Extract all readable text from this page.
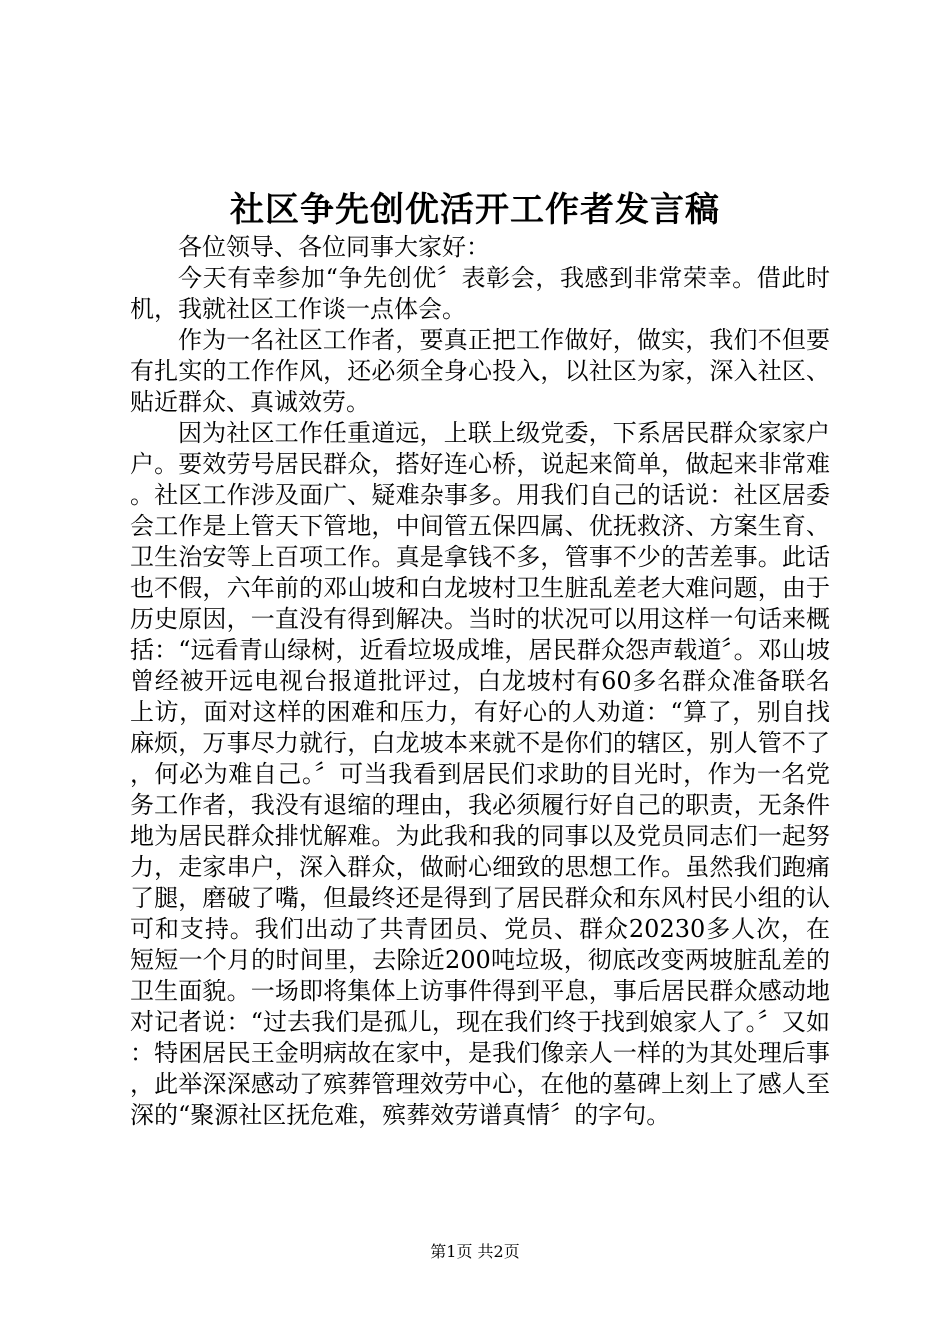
社区争先创优活开工作者发言稿

各位领导、各位同事大家好：

今天有幸参加“争先创优〞表彰会，我感到非常荣幸。借此时机，我就社区工作谈一点体会。

作为一名社区工作者，要真正把工作做好，做实，我们不但要有扎实的工作作风，还必须全身心投入，以社区为家，深入社区、贴近群众、真诚效劳。

因为社区工作任重道远，上联上级党委，下系居民群众家家户户。要效劳号居民群众，搭好连心桥，说起来简单，做起来非常难。社区工作涉及面广、疑难杂事多。用我们自己的话说：社区居委会工作是上管天下管地，中间管五保四属、优抚救济、方案生育、卫生治安等上百项工作。真是拿钱不多，管事不少的苦差事。此话也不假，六年前的邓山坡和白龙坡村卫生脏乱差老大难问题，由于历史原因，一直没有得到解决。当时的状况可以用这样一句话来概括：“远看青山绿树，近看垃圾成堆，居民群众怨声载道〞。邓山坡曾经被开远电视台报道批评过，白龙坡村有60多名群众准备联名上访，面对这样的困难和压力，有好心的人劝道：“算了，别自找麻烦，万事尽力就行，白龙坡本来就不是你们的辖区，别人管不了，何必为难自己。〞可当我看到居民们求助的目光时，作为一名党务工作者，我没有退缩的理由，我必须履行好自己的职责，无条件地为居民群众排忧解难。为此我和我的同事以及党员同志们一起努力，走家串户，深入群众，做耐心细致的思想工作。虽然我们跑痛了腿，磨破了嘴，但最终还是得到了居民群众和东风村民小组的认可和支持。我们出动了共青团员、党员、群众20230多人次，在短短一个月的时间里，去除近200吨垃圾，彻底改变两坡脏乱差的卫生面貌。一场即将集体上访事件得到平息，事后居民群众感动地对记者说：“过去我们是孤儿，现在我们终于找到娘家人了。〞又如：特困居民王金明病故在家中，是我们像亲人一样的为其处理后事，此举深深感动了殡葬管理效劳中心，在他的墓碑上刻上了感人至深的“聚源社区抚危难，殡葬效劳谱真情〞的字句。

第1页 共2页
